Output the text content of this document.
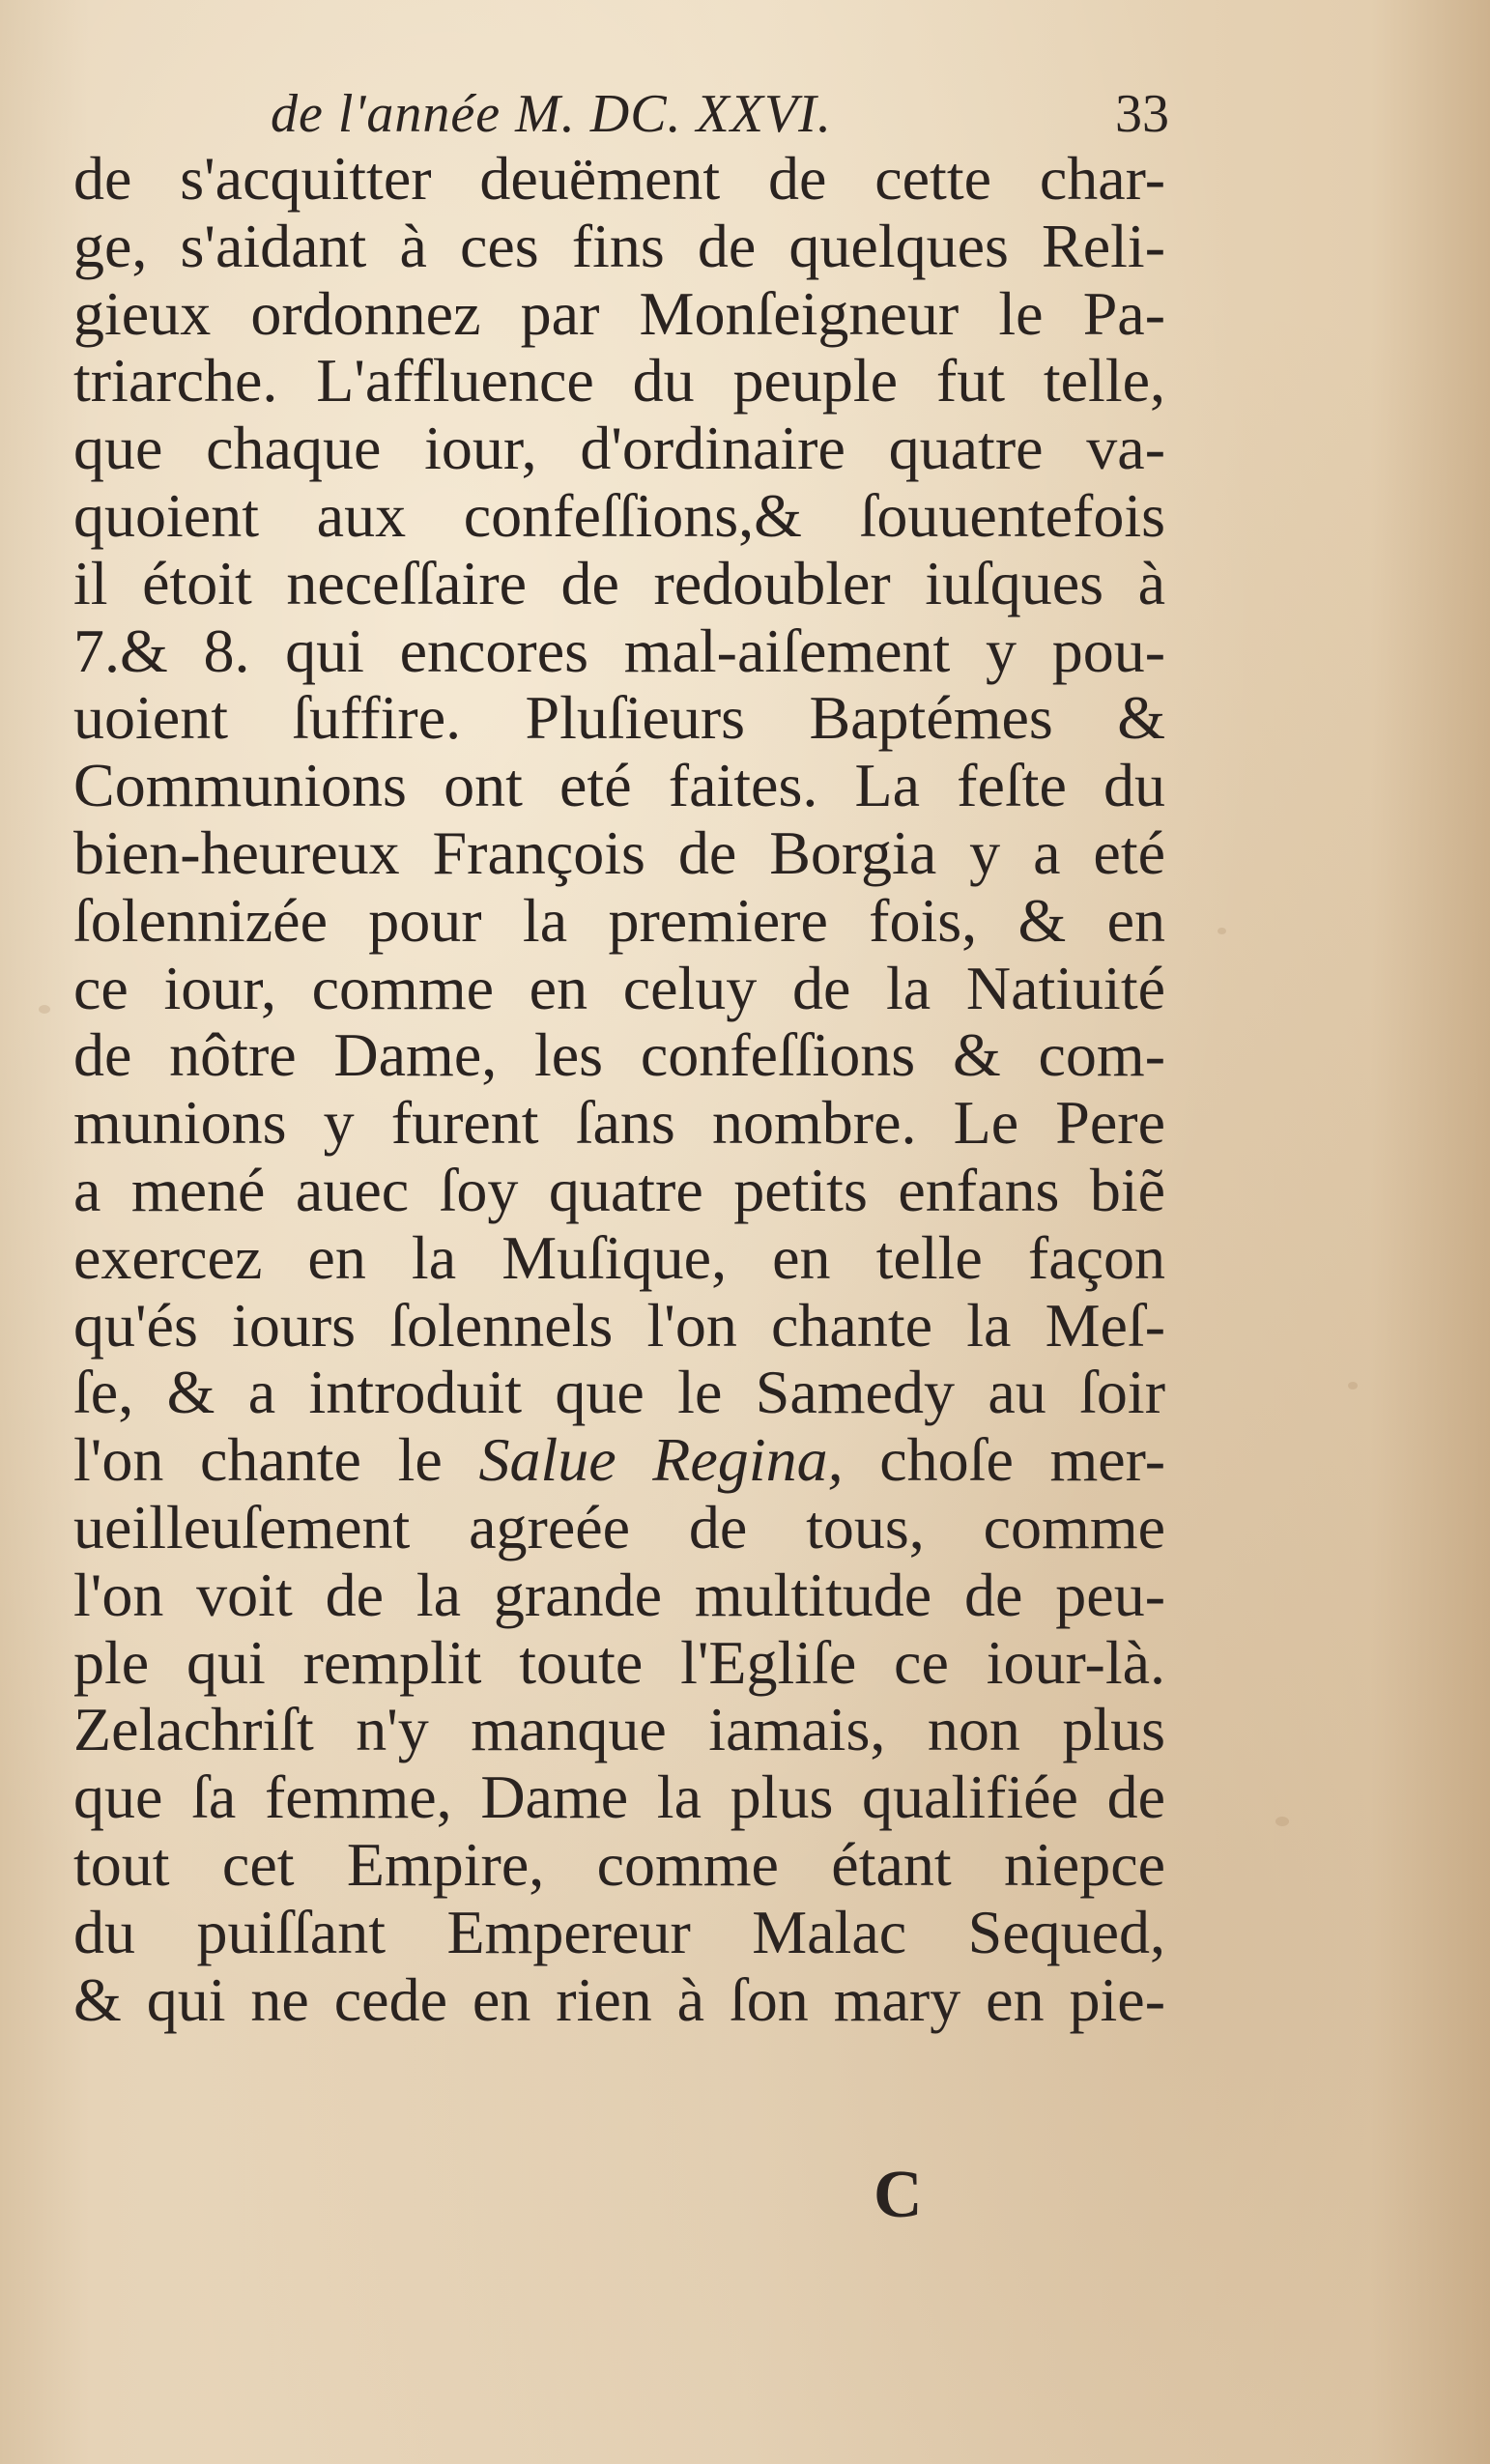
de l'année M. DC. XXVI.	33
de s'acquitter deuëment de cette char-
ge, s'aidant à ces fins de quelques Reli-
gieux ordonnez par Monſeigneur le Pa-
triarche. L'affluence du peuple fut telle,
que chaque iour, d'ordinaire quatre va-
quoient aux confeſſions,& ſouuentefois
il étoit neceſſaire de redoubler iuſques à
7.& 8. qui encores mal-aiſement y pou-
uoient ſuffire. Pluſieurs Baptémes &
Communions ont eté faites. La feſte du
bien-heureux François de Borgia y a eté
ſolennizée pour la premiere fois, & en
ce iour, comme en celuy de la Natiuité
de nôtre Dame, les confeſſions & com-
munions y furent ſans nombre. Le Pere
a mené auec ſoy quatre petits enfans biẽ
exercez en la Muſique, en telle façon
qu'és iours ſolennels l'on chante la Meſ-
ſe, & a introduit que le Samedy au ſoir
l'on chante le Salue Regina, choſe mer-
ueilleuſement agreée de tous, comme
l'on voit de la grande multitude de peu-
ple qui remplit toute l'Egliſe ce iour-là.
Zelachriſt n'y manque iamais, non plus
que ſa femme, Dame la plus qualifiée de
tout cet Empire, comme étant niepce
du puiſſant Empereur Malac Sequed,
& qui ne cede en rien à ſon mary en pie-
C
